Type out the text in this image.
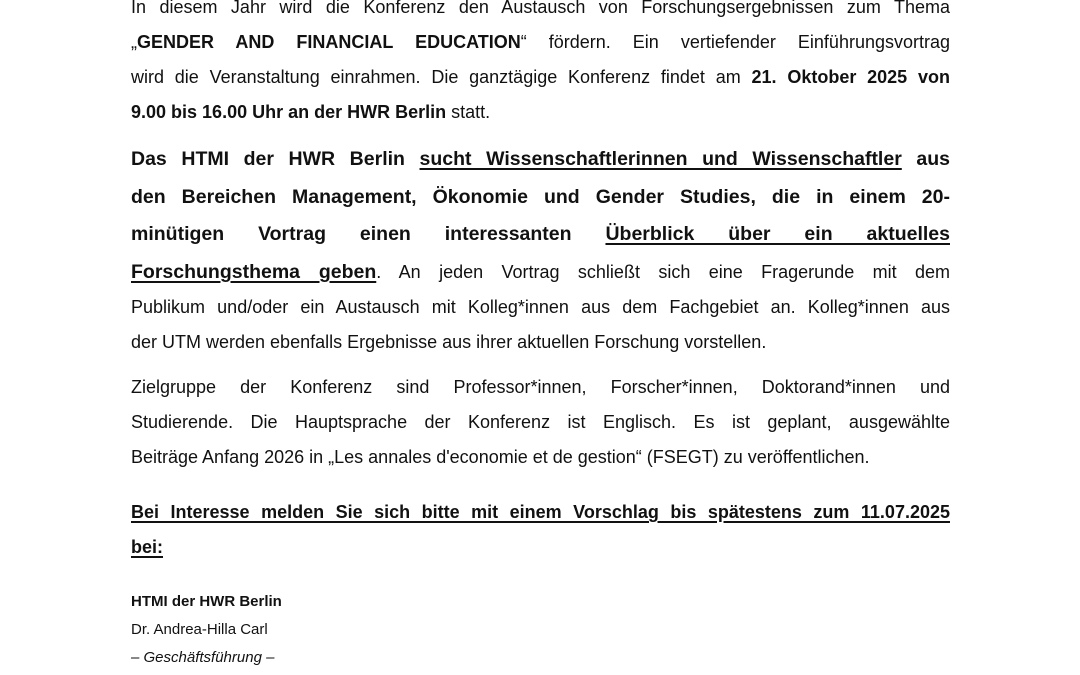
In diesem Jahr wird die Konferenz den Austausch von Forschungsergebnissen zum Thema
„GENDER AND FINANCIAL EDUCATION“ fördern. Ein vertiefender Einführungsvortrag
wird die Veranstaltung einrahmen. Die ganztägige Konferenz findet am 21. Oktober 2025 von
9.00 bis 16.00 Uhr an der HWR Berlin statt.

Das HTMI der HWR Berlin sucht Wissenschaftlerinnen und Wissenschaftler aus
den Bereichen Management, Ökonomie und Gender Studies, die in einem 20-
minütigen Vortrag einen interessanten Überblick über ein aktuelles

Forschungsthema geben. An jeden Vortrag schließt sich eine Fragerunde mit dem
Publikum und/oder ein Austausch mit Kolleg*innen aus dem Fachgebiet an. Kolleg*innen aus
der UTM werden ebenfalls Ergebnisse aus ihrer aktuellen Forschung vorstellen.

Zielgruppe der Konferenz sind Professor*innen, Forscher*innen, Doktorand*innen und
Studierende. Die Hauptsprache der Konferenz ist Englisch. Es ist geplant, ausgewählte
Beiträge Anfang 2026 in „Les annales d'economie et de gestion“ (FSEGT) zu veröffentlichen.

Bei Interesse melden Sie sich bitte mit einem Vorschlag bis spätestens zum 11.07.2025
bei:

HTMI der HWR Berlin
Dr. Andrea-Hilla Carl
– Geschäftsführung –
